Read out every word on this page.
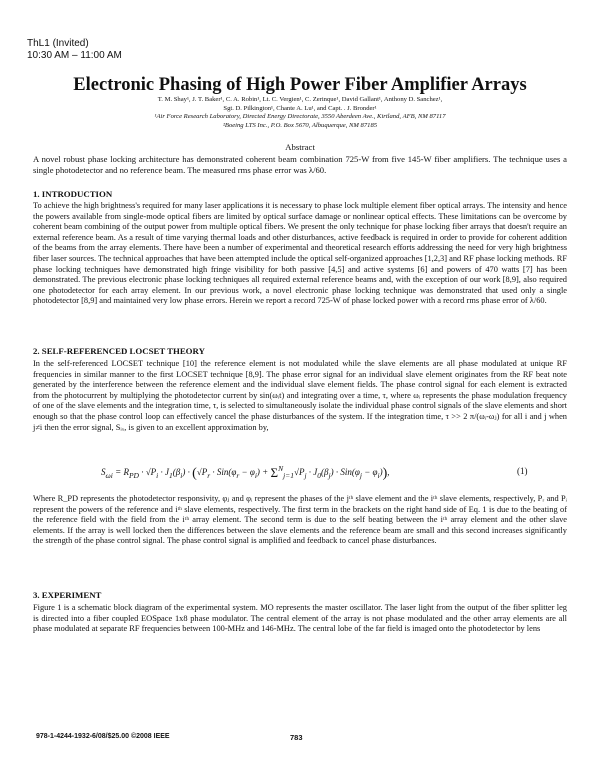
ThL1 (Invited)
10:30 AM – 11:00 AM
Electronic Phasing of High Power Fiber Amplifier Arrays
T. M. Shay¹, J. T. Baker¹, C. A. Robin¹, Lt. C. Vergien¹, C. Zerinque¹, David Gallant¹, Anthony D. Sanchez¹,
Sgt. D. Pilkington¹, Chante A. Lu¹, and Capt. . J. Bronder¹
¹Air Force Research Laboratory, Directed Energy Directorate, 3550 Aberdeen Ave., Kirtland, AFB, NM 87117
²Boeing LTS Inc., P.O. Box 5670, Albuquerque, NM 87185
Abstract
A novel robust phase locking architecture has demonstrated coherent beam combination 725-W from five 145-W fiber amplifiers. The technique uses a single photodetector and no reference beam. The measured rms phase error was λ/60.
1. INTRODUCTION

To achieve the high brightness's required for many laser applications it is necessary to phase lock multiple element fiber optical arrays. The intensity and hence the powers available from single-mode optical fibers are limited by optical surface damage or nonlinear optical effects. These limitations can be overcome by coherent beam combining of the output power from multiple optical fibers. We present the only technique for phase locking fiber arrays that doesn't require an external reference beam. As a result of time varying thermal loads and other disturbances, active feedback is required in order to provide for coherent addition of the beams from the array elements. There have been a number of experimental and theoretical research efforts addressing the need for very high brightness fiber laser sources. The technical approaches that have been attempted include the optical self-organized approaches [1,2,3] and RF phase locking methods. RF phase locking techniques have demonstrated high fringe visibility for both passive [4,5] and active systems [6] and powers of 470 watts [7] has been demonstrated. The previous electronic phase locking techniques all required external reference beams and, with the exception of our work [8,9], also required one photodetector for each array element. In our previous work, a novel electronic phase locking technique was demonstrated that used only a single photodetector [8,9] and maintained very low phase errors. Herein we report a record 725-W of phase locked power with a record rms phase error of λ/60.

2. SELF-REFERENCED LOCSET THEORY

In the self-referenced LOCSET technique [10] the reference element is not modulated while the slave elements are all phase modulated at unique RF frequencies in similar manner to the first LOCSET technique [8,9]. The phase error signal for an individual slave element originates from the RF beat note generated by the interference between the reference element and the individual slave element fields. The phase control signal for each element is extracted from the photocurrent by multiplying the photodetector current by sin(ωᵢt) and integrating over a time, τ, where ωᵢ represents the phase modulation frequency of one of the slave elements and the integration time, τ, is selected to simultaneously isolate the individual phase control signals of the slave elements and short enough so that the phase control loop can effectively cancel the phase disturbances of the system. If the integration time, τ >> 2 π/(ωᵢ-ωⱼ) for all i and j when j≠i then the error signal, Sᵢₓ, is given to an excellent approximation by,

$S_{\omega i} = R_{PD} \cdot √P_i \cdot J_1(\beta_i) \cdot (√P_r \cdot Sin(\varphi_r - \varphi_i) + \Sigma^N_{j=1}√P_j \cdot J_0(\beta_j) \cdot Sin(\varphi_j - \varphi_i))$,	(1)

Where R_PD represents the photodetector responsivity, φⱼ and φᵢ represent the phases of the jᵗʰ slave element and the iᵗʰ slave elements, respectively, Pᵣ and Pᵢ represent the powers of the reference and iᵗʰ slave elements, respectively. The first term in the brackets on the right hand side of Eq. 1 is due to the beating of the reference field with the field from the iᵗʰ array element. The second term is due to the self beating between the iᵗʰ array element and the other slave elements. If the array is well locked then the differences between the slave elements and the reference beam are small and this second increases significantly the strength of the phase control signal. The phase control signal is amplified and feedback to cancel phase disturbances.

3. EXPERIMENT

Figure 1 is a schematic block diagram of the experimental system. MO represents the master oscillator. The laser light from the output of the fiber splitter leg is directed into a fiber coupled EOSpace 1x8 phase modulator. The central element of the array is not phase modulated and the other array elements are all phase modulated at separate RF frequencies between 100-MHz and 146-MHz. The central lobe of the far field is imaged onto the photodetector by lens

978-1-4244-1932-6/08/$25.00 ©2008 IEEE	783
